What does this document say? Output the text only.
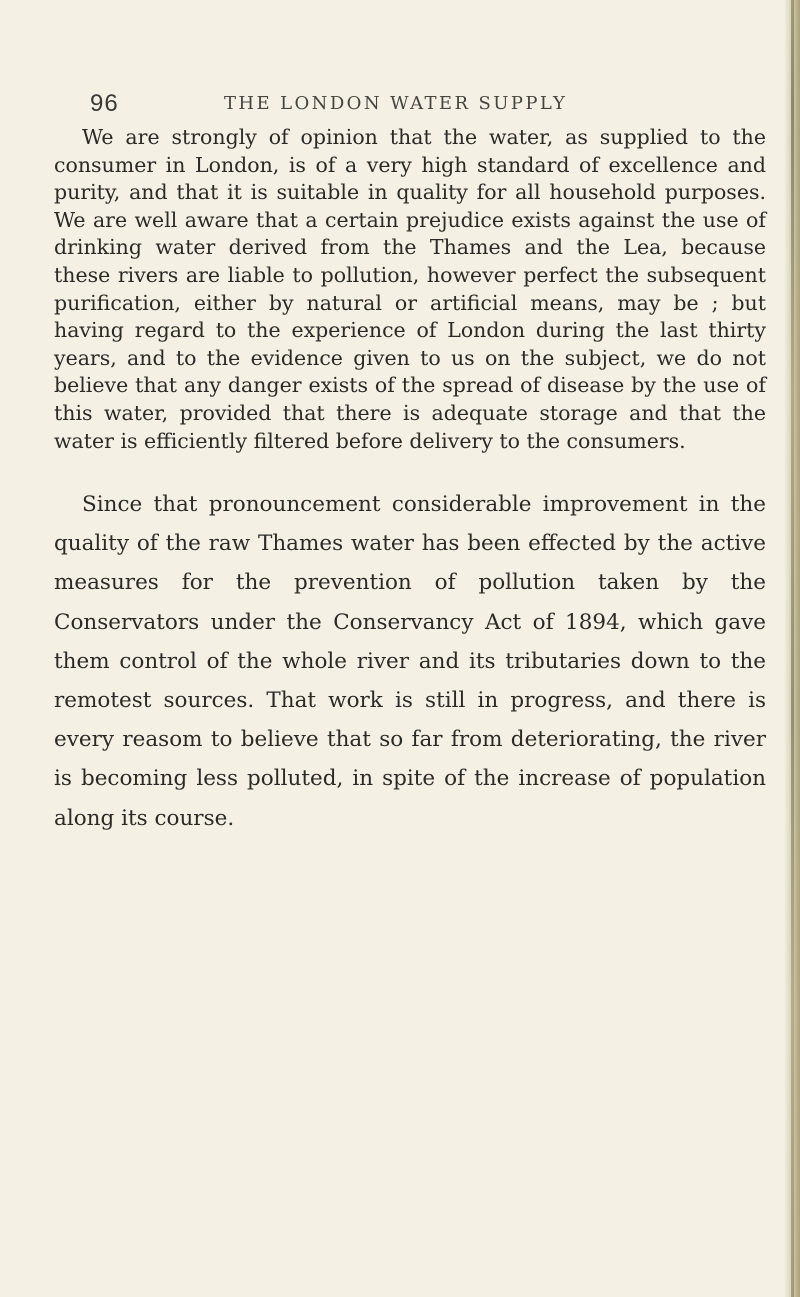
96	THE LONDON WATER SUPPLY

We are strongly of opinion that the water, as supplied to the consumer in London, is of a very high standard of excellence and purity, and that it is suitable in quality for all household purposes. We are well aware that a certain prejudice exists against the use of drinking water derived from the Thames and the Lea, because these rivers are liable to pollution, however perfect the subsequent purification, either by natural or artificial means, may be ; but having regard to the experience of London during the last thirty years, and to the evidence given to us on the subject, we do not believe that any danger exists of the spread of disease by the use of this water, provided that there is adequate storage and that the water is efficiently filtered before delivery to the consumers.

Since that pronouncement considerable improvement in the quality of the raw Thames water has been effected by the active measures for the prevention of pollution taken by the Conservators under the Conservancy Act of 1894, which gave them control of the whole river and its tributaries down to the remotest sources. That work is still in progress, and there is every reasom to believe that so far from deteriorating, the river is becoming less polluted, in spite of the increase of population along its course.
